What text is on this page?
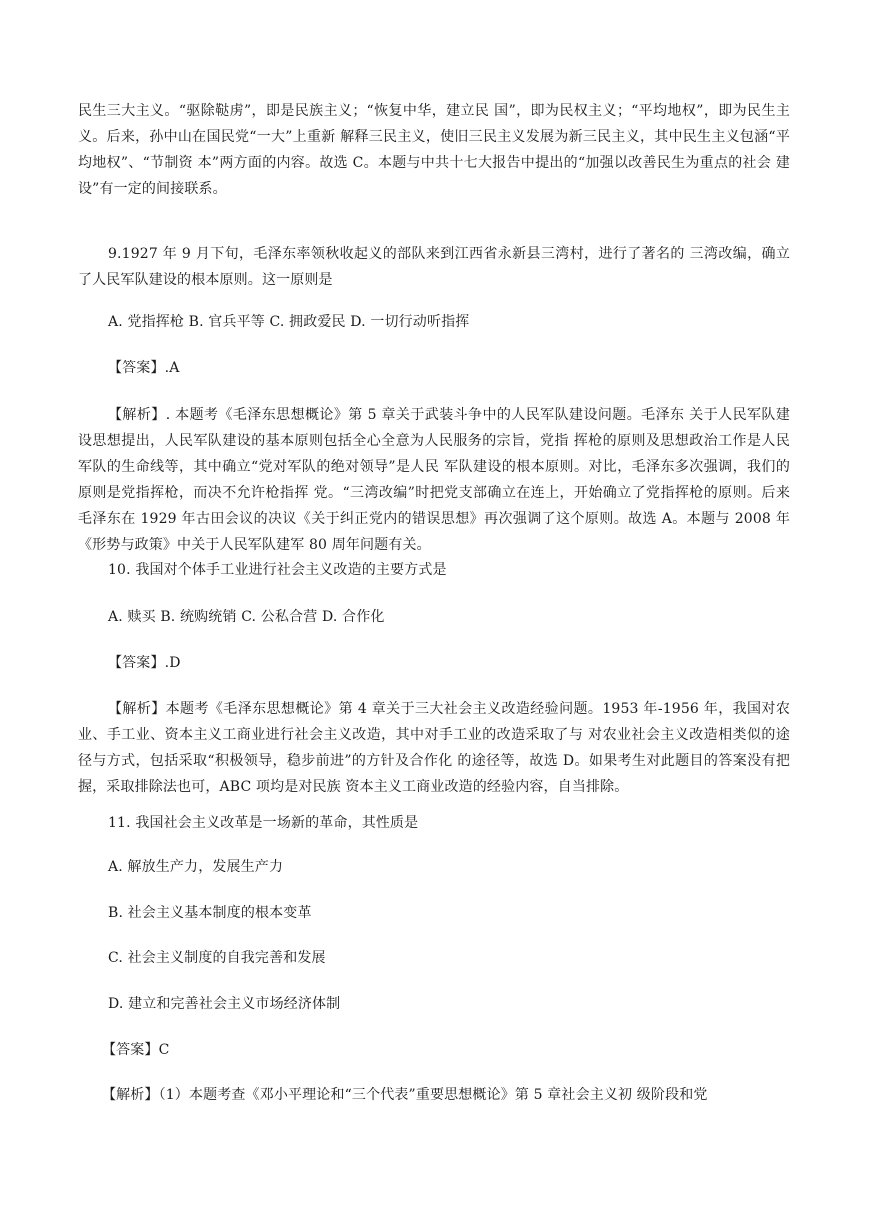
民生三大主义。“驱除鞑虏”，即是民族主义；“恢复中华，建立民 国”，即为民权主义；“平均地权”，即为民生主义。后来，孙中山在国民党“一大”上重新 解释三民主义，使旧三民主义发展为新三民主义，其中民生主义包涵“平均地权”、“节制资 本”两方面的内容。故选 C。本题与中共十七大报告中提出的“加强以改善民生为重点的社会 建设”有一定的间接联系。

9.1927 年 9 月下旬，毛泽东率领秋收起义的部队来到江西省永新县三湾村，进行了著名的 三湾改编，确立了人民军队建设的根本原则。这一原则是

A. 党指挥枪 B. 官兵平等 C. 拥政爱民 D. 一切行动听指挥

【答案】.A

【解析】. 本题考《毛泽东思想概论》第 5 章关于武装斗争中的人民军队建设问题。毛泽东 关于人民军队建设思想提出，人民军队建设的基本原则包括全心全意为人民服务的宗旨，党指 挥枪的原则及思想政治工作是人民军队的生命线等，其中确立“党对军队的绝对领导”是人民 军队建设的根本原则。对比，毛泽东多次强调，我们的原则是党指挥枪，而决不允许枪指挥 党。“三湾改编”时把党支部确立在连上，开始确立了党指挥枪的原则。后来毛泽东在 1929 年古田会议的决议《关于纠正党内的错误思想》再次强调了这个原则。故选 A。本题与 2008 年《形势与政策》中关于人民军队建军 80 周年问题有关。

10. 我国对个体手工业进行社会主义改造的主要方式是

A. 赎买 B. 统购统销 C. 公私合营 D. 合作化

【答案】.D

【解析】本题考《毛泽东思想概论》第 4 章关于三大社会主义改造经验问题。1953 年-1956 年，我国对农业、手工业、资本主义工商业进行社会主义改造，其中对手工业的改造采取了与 对农业社会主义改造相类似的途径与方式，包括采取“积极领导，稳步前进”的方针及合作化 的途径等，故选 D。如果考生对此题目的答案没有把握，采取排除法也可，ABC 项均是对民族 资本主义工商业改造的经验内容，自当排除。

11. 我国社会主义改革是一场新的革命，其性质是

A. 解放生产力，发展生产力

B. 社会主义基本制度的根本变革

C. 社会主义制度的自我完善和发展

D. 建立和完善社会主义市场经济体制

【答案】C

【解析】（1）本题考查《邓小平理论和“三个代表”重要思想概论》第 5 章社会主义初 级阶段和党
